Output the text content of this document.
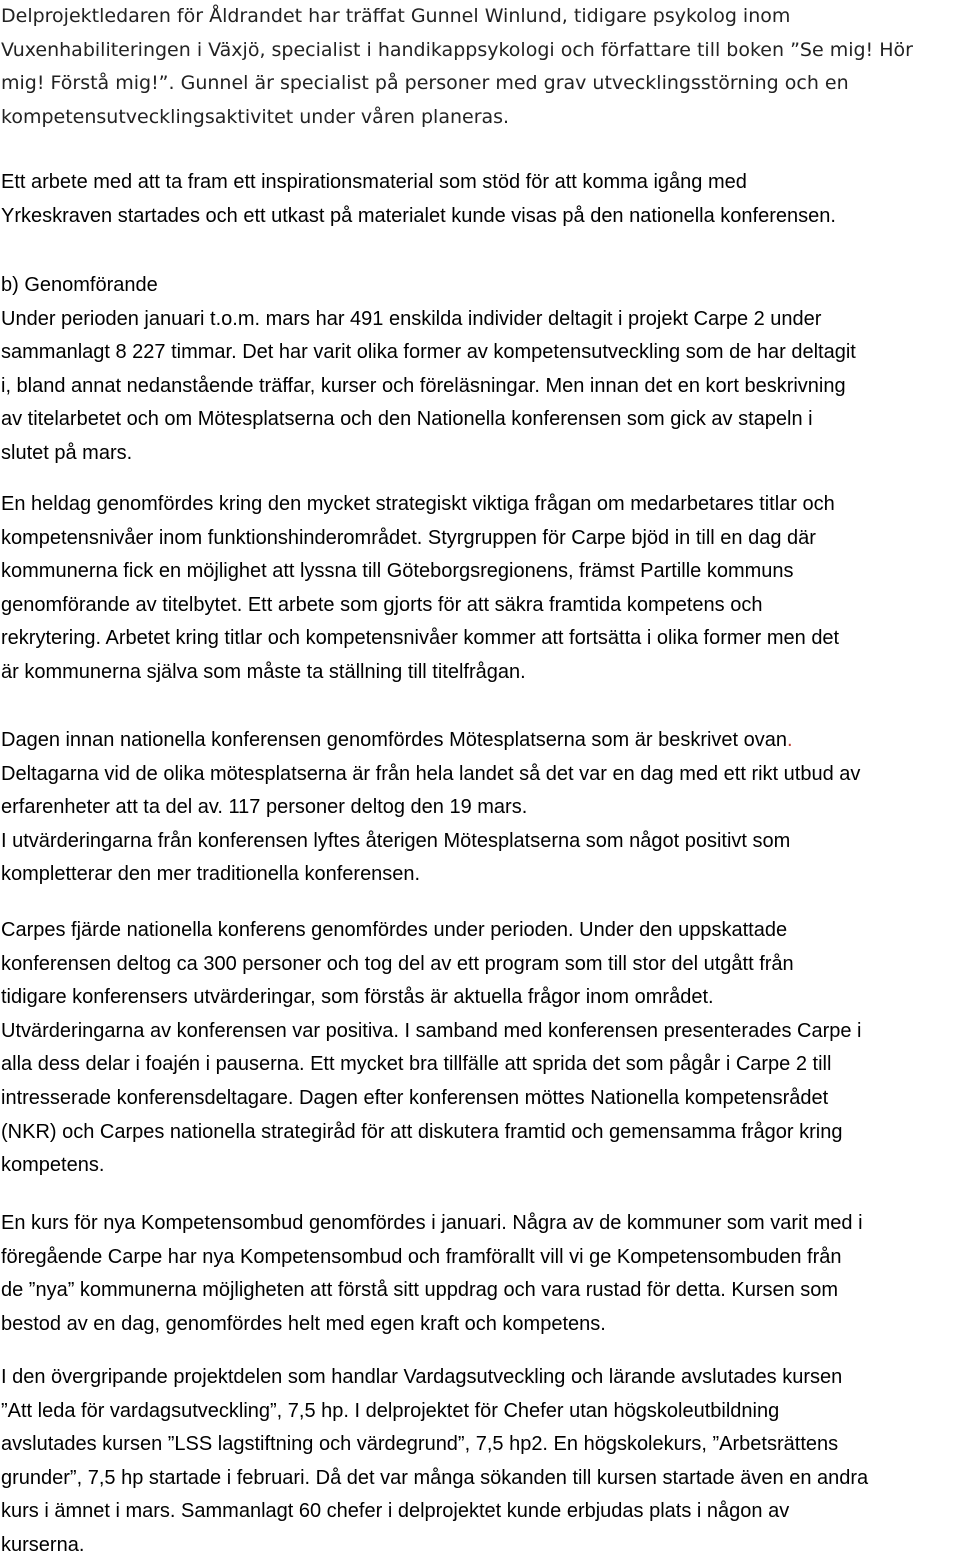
Delprojektledaren för Åldrandet har träffat Gunnel Winlund, tidigare psykolog inom
Vuxenhabiliteringen i Växjö, specialist i handikappsykologi och författare till boken ”Se mig! Hör
mig! Förstå mig!”. Gunnel är specialist på personer med grav utvecklingsstörning och en
kompetensutvecklingsaktivitet under våren planeras.

Ett arbete med att ta fram ett inspirationsmaterial som stöd för att komma igång med
Yrkeskraven startades och ett utkast på materialet kunde visas på den nationella konferensen.

b) Genomförande
Under perioden januari t.o.m. mars har 491 enskilda individer deltagit i projekt Carpe 2 under
sammanlagt 8 227 timmar. Det har varit olika former av kompetensutveckling som de har deltagit
i, bland annat nedanstående träffar, kurser och föreläsningar. Men innan det en kort beskrivning
av titelarbetet och om Mötesplatserna och den Nationella konferensen som gick av stapeln i
slutet på mars.

En heldag genomfördes kring den mycket strategiskt viktiga frågan om medarbetares titlar och
kompetensnivåer inom funktionshinderområdet. Styrgruppen för Carpe bjöd in till en dag där
kommunerna fick en möjlighet att lyssna till Göteborgsregionens, främst Partille kommuns
genomförande av titelbytet. Ett arbete som gjorts för att säkra framtida kompetens och
rekrytering. Arbetet kring titlar och kompetensnivåer kommer att fortsätta i olika former men det
är kommunerna själva som måste ta ställning till titelfrågan.

Dagen innan nationella konferensen genomfördes Mötesplatserna som är beskrivet ovan.
Deltagarna vid de olika mötesplatserna är från hela landet så det var en dag med ett rikt utbud av
erfarenheter att ta del av. 117 personer deltog den 19 mars.
I utvärderingarna från konferensen lyftes återigen Mötesplatserna som något positivt som
kompletterar den mer traditionella konferensen.

Carpes fjärde nationella konferens genomfördes under perioden. Under den uppskattade
konferensen deltog ca 300 personer och tog del av ett program som till stor del utgått från
tidigare konferensers utvärderingar, som förstås är aktuella frågor inom området.
Utvärderingarna av konferensen var positiva. I samband med konferensen presenterades Carpe i
alla dess delar i foajén i pauserna. Ett mycket bra tillfälle att sprida det som pågår i Carpe 2 till
intresserade konferensdeltagare. Dagen efter konferensen möttes Nationella kompetensrådet
(NKR) och Carpes nationella strategiråd för att diskutera framtid och gemensamma frågor kring
kompetens.

En kurs för nya Kompetensombud genomfördes i januari. Några av de kommuner som varit med i
föregående Carpe har nya Kompetensombud och framförallt vill vi ge Kompetensombuden från
de ”nya” kommunerna möjligheten att förstå sitt uppdrag och vara rustad för detta. Kursen som
bestod av en dag, genomfördes helt med egen kraft och kompetens.

I den övergripande projektdelen som handlar Vardagsutveckling och lärande avslutades kursen
”Att leda för vardagsutveckling”, 7,5 hp. I delprojektet för Chefer utan högskoleutbildning
avslutades kursen ”LSS lagstiftning och värdegrund”, 7,5 hp2. En högskolekurs, ”Arbetsrättens
grunder”, 7,5 hp startade i februari. Då det var många sökanden till kursen startade även en andra
kurs i ämnet i mars. Sammanlagt 60 chefer i delprojektet kunde erbjudas plats i någon av
kurserna.
